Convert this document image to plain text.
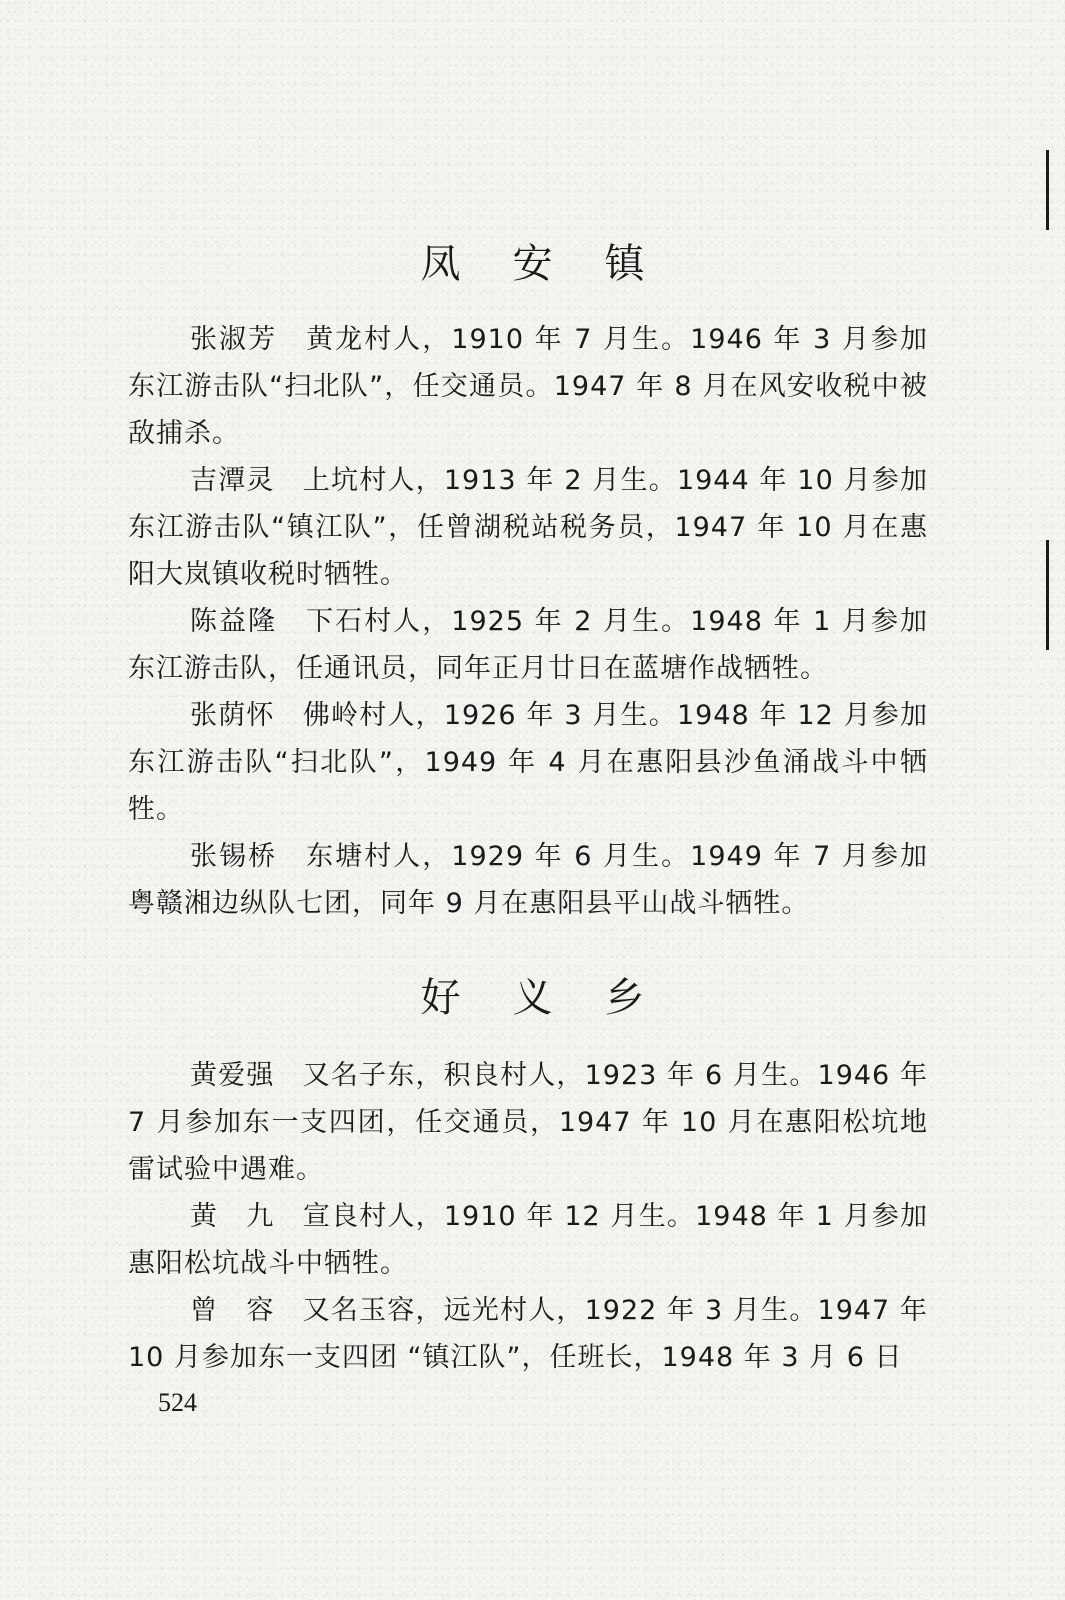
凤安镇

张淑芳 黄龙村人，1910 年 7 月生。1946 年 3 月参加东江游击队“扫北队”，任交通员。1947 年 8 月在风安收税中被敌捕杀。

吉潭灵 上坑村人，1913 年 2 月生。1944 年 10 月参加东江游击队“镇江队”，任曾湖税站税务员，1947 年 10 月在惠阳大岚镇收税时牺牲。

陈益隆 下石村人，1925 年 2 月生。1948 年 1 月参加东江游击队，任通讯员，同年正月廿日在蓝塘作战牺牲。

张荫怀 佛岭村人，1926 年 3 月生。1948 年 12 月参加东江游击队“扫北队”，1949 年 4 月在惠阳县沙鱼涌战斗中牺牲。

张锡桥 东塘村人，1929 年 6 月生。1949 年 7 月参加粤赣湘边纵队七团，同年 9 月在惠阳县平山战斗牺牲。

好义乡

黄爱强 又名子东，积良村人，1923 年 6 月生。1946 年 7 月参加东一支四团，任交通员，1947 年 10 月在惠阳松坑地雷试验中遇难。

黄　九 宣良村人，1910 年 12 月生。1948 年 1 月参加惠阳松坑战斗中牺牲。

曾　容 又名玉容，远光村人，1922 年 3 月生。1947 年 10 月参加东一支四团 “镇江队”，任班长，1948 年 3 月 6 日

524
